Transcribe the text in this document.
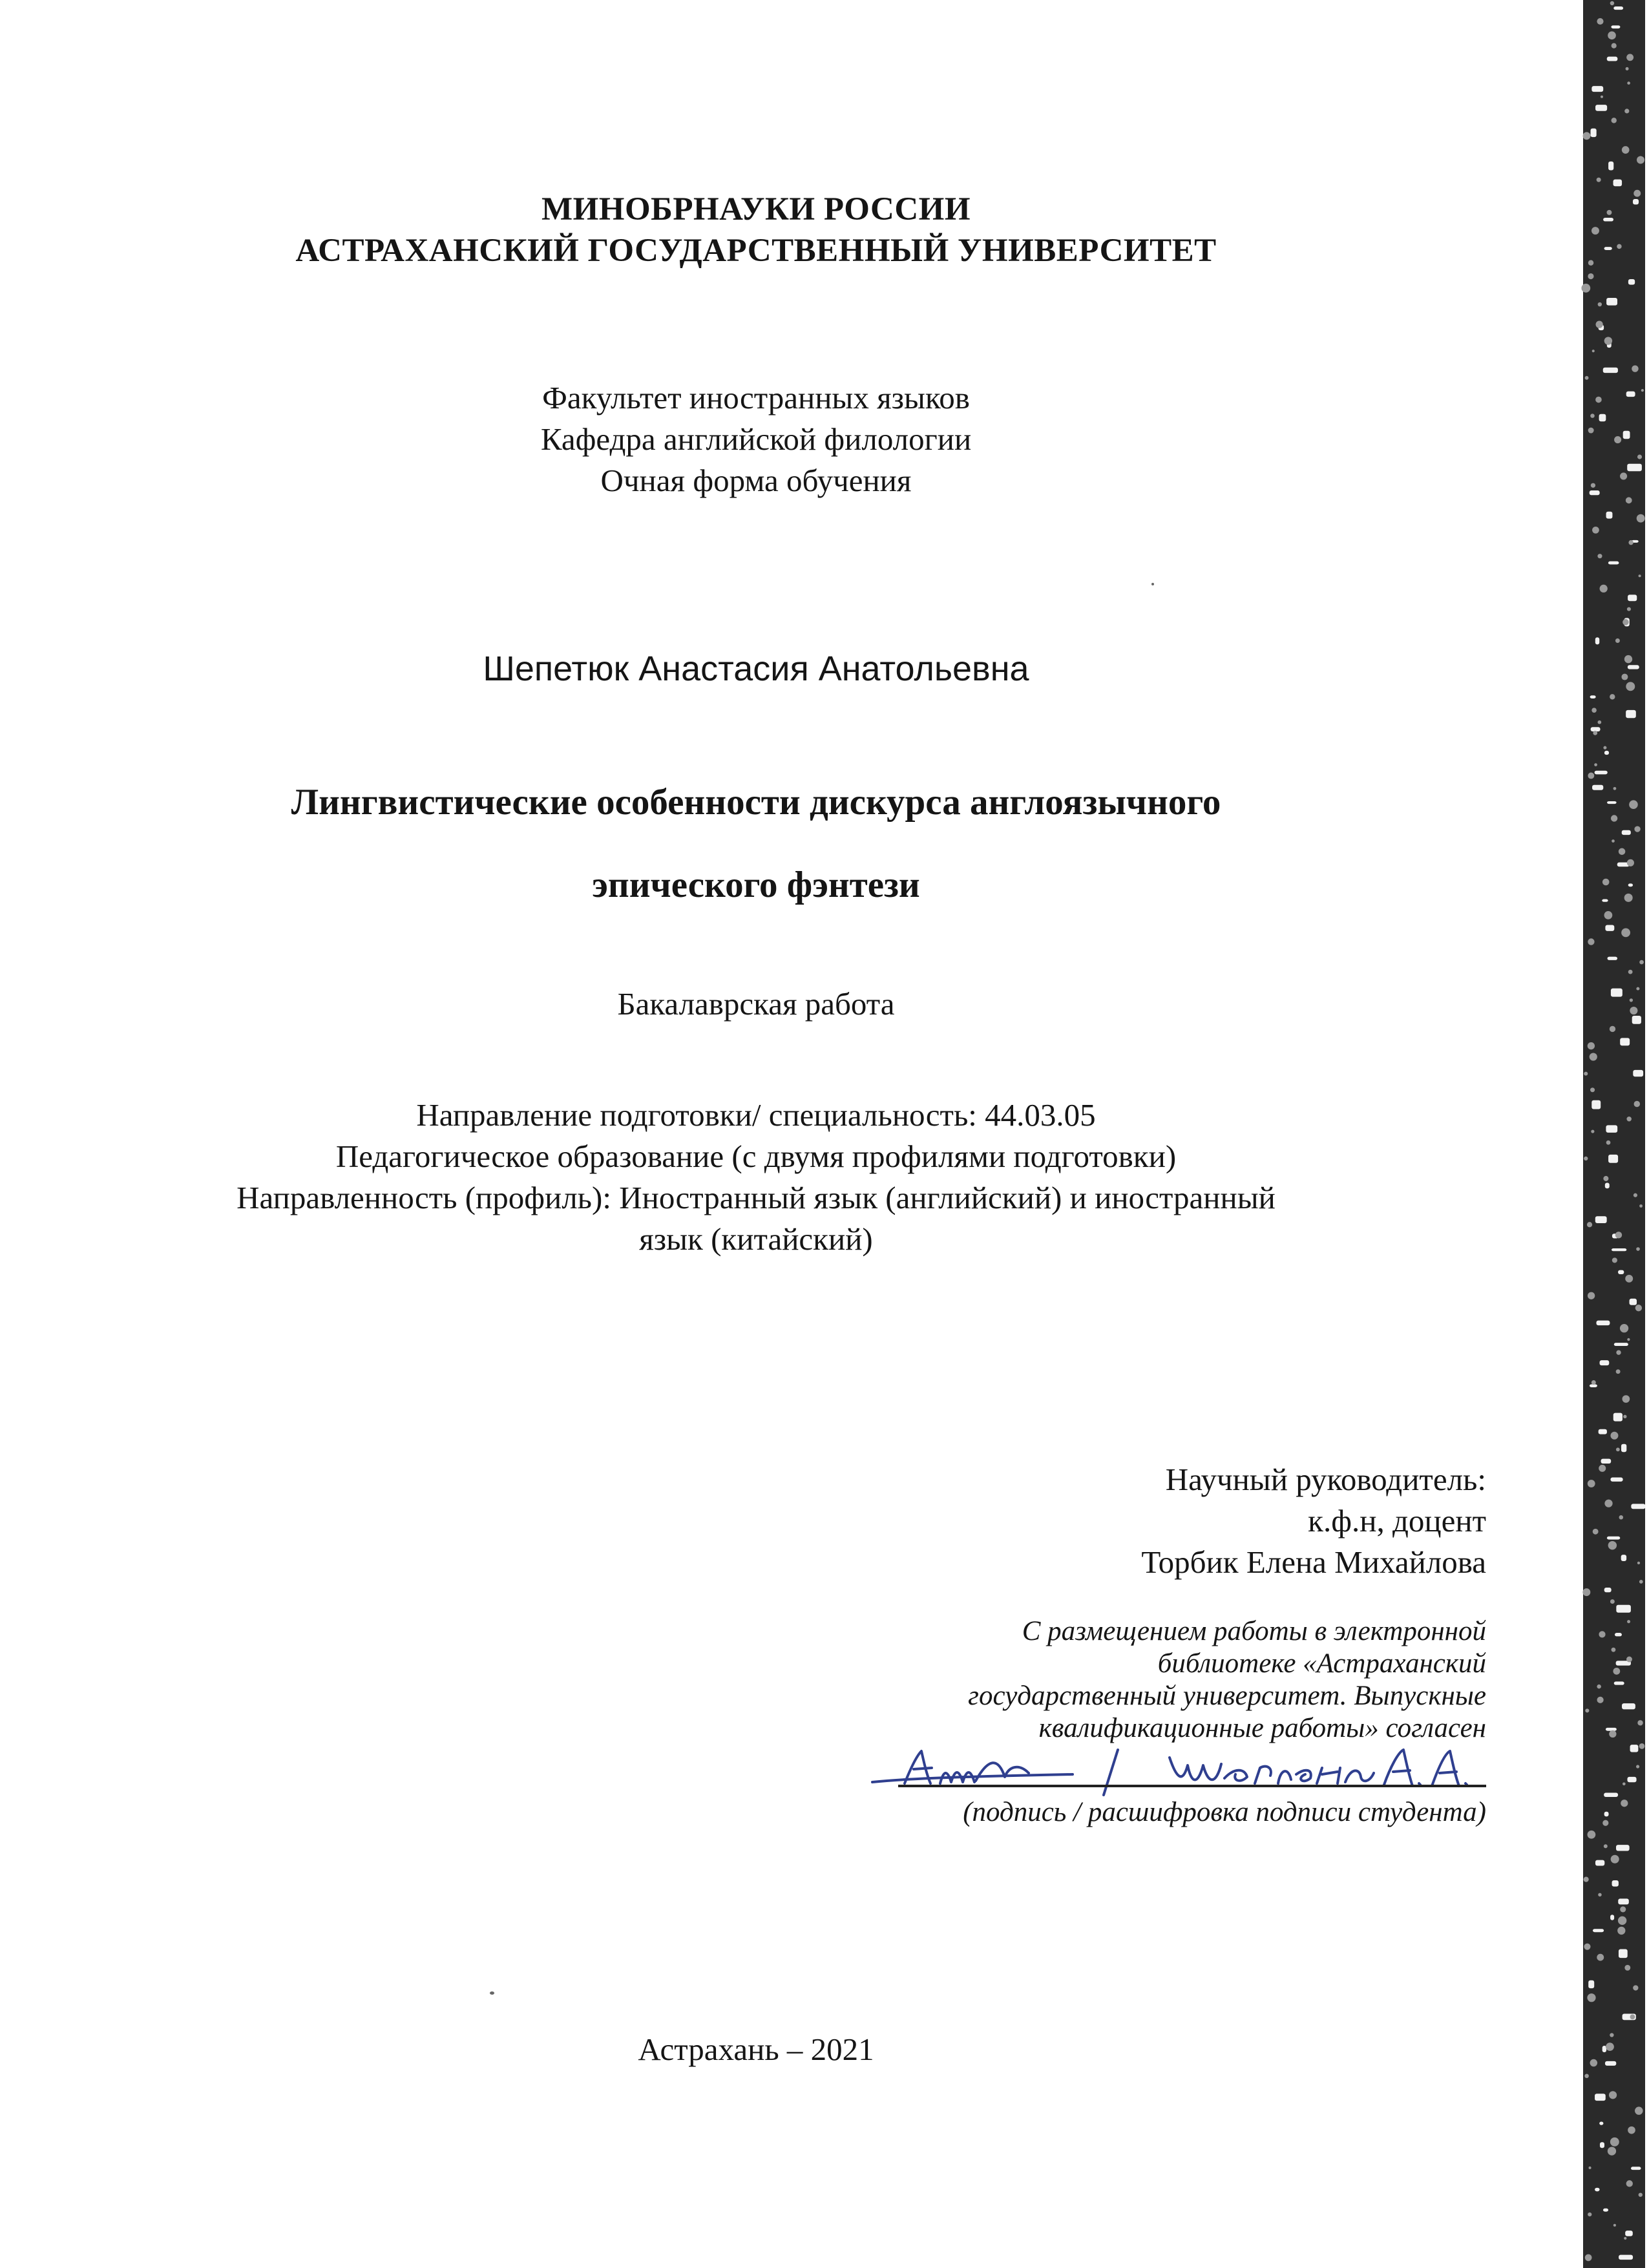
МИНОБРНАУКИ РОССИИ
АСТРАХАНСКИЙ ГОСУДАРСТВЕННЫЙ УНИВЕРСИТЕТ
Факультет иностранных языков
Кафедра английской филологии
Очная форма обучения
Шепетюк Анастасия Анатольевна
Лингвистические особенности дискурса англоязычного
эпического фэнтези
Бакалаврская работа
Направление подготовки/ специальность: 44.03.05
Педагогическое образование (с двумя профилями подготовки)
Направленность (профиль): Иностранный язык (английский) и иностранный
язык (китайский)
Научный руководитель:
к.ф.н, доцент
Торбик Елена Михайлова
С размещением работы в электронной
библиотеке «Астраханский
государственный университет. Выпускные
квалификационные работы» согласен
(подпись / расшифровка подписи студента)
Астрахань – 2021
